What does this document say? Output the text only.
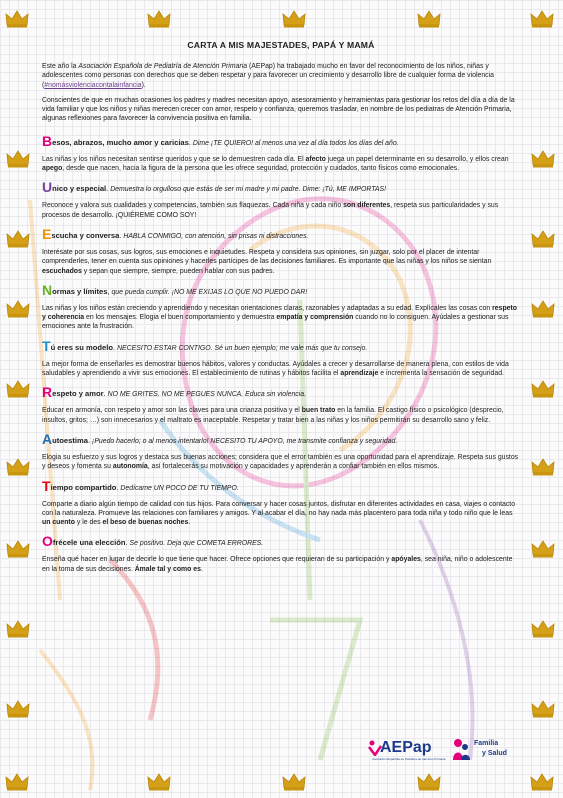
CARTA A MIS MAJESTADES, PAPÁ Y MAMÁ

Este año la Asociación Española de Pediatría de Atención Primaria (AEPap) ha trabajado mucho en favor del reconocimiento de los niños, niñas y adolescentes como personas con derechos que se deben respetar y para favorecer un crecimiento y desarrollo libre de cualquier forma de violencia (#nomásviolenciacontalainfancia).

Conscientes de que en muchas ocasiones los padres y madres necesitan apoyo, asesoramiento y herramientas para gestionar los retos del día a día de la vida familiar y que los niños y niñas merecen crecer con amor, respeto y confianza, queremos trasladar, en nombre de los pediatras de Atención Primaria, algunas reflexiones para favorecer la convivencia positiva en familia.

Besos, abrazos, mucho amor y caricias. Dime ¡TE QUIERO! al menos una vez al día todos los días del año.

Las niñas y los niños necesitan sentirse queridos y que se lo demuestren cada día. El afecto juega un papel determinante en su desarrollo, y ellos crean apego, desde que nacen, hacia la figura de la persona que les ofrece seguridad, protección y cuidados, tanto físicos como emocionales.

Unico y especial. Demuestra lo orgulloso que estás de ser mi madre y mi padre. Dime: ¡Tú, ME IMPORTAS!

Reconoce y valora sus cualidades y competencias, también sus flaquezas. Cada niña y cada niño son diferentes, respeta sus particularidades y sus procesos de desarrollo. ¡QUIÉREME COMO SOY!

Escucha y conversa. HABLA CONMIGO, con atención, sin prisas ni distracciones.

Interésate por sus cosas, sus logros, sus emociones e inquietudes. Respeta y considera sus opiniones, sin juzgar, solo por el placer de intentar comprenderles, tener en cuenta sus opiniones y hacerles partícipes de las decisiones familiares. Es importante que las niñas y los niños se sientan escuchados y sepan que siempre, siempre, pueden hablar con sus padres.

Normas y límites, que pueda cumplir. ¡NO ME EXIJAS LO QUE NO PUEDO DAR!

Las niñas y los niños están creciendo y aprendiendo y necesitan orientaciones claras, razonables y adaptadas a su edad. Explícales las cosas con respeto y coherencia en los mensajes. Elogia el buen comportamiento y demuestra empatía y comprensión cuando no lo consiguen. Ayúdales a gestionar sus emociones ante la frustración.

Tú eres su modelo. NECESITO ESTAR CONTIGO. Sé un buen ejemplo; me vale más que tu consejo.

La mejor forma de enseñarles es demostrar buenos hábitos, valores y conductas. Ayúdales a crecer y desarrollarse de manera plena, con estilos de vida saludables y aprendiendo a vivir sus emociones. El establecimiento de rutinas y hábitos facilita el aprendizaje e incrementa la sensación de seguridad.

Respeto y amor. NO ME GRITES. NO ME PEGUES NUNCA. Educa sin violencia.

Educar en armonía, con respeto y amor son las claves para una crianza positiva y el buen trato en la familia. El castigo físico o psicológico (desprecio, insultos, gritos; …) son innecesarios y el maltrato es inaceptable. Respetar y tratar bien a las niñas y los niños permitirán su desarrollo sano y feliz.

Autoestima. ¡Puedo hacerlo; o al menos intentarlo! NECESITO TU APOYO, me transmite confianza y seguridad.

Elogia su esfuerzo y sus logros y destaca sus buenas acciones; considera que el error también es una oportunidad para el aprendizaje. Respeta sus gustos y deseos y fomenta su autonomía, así fortalecerás su motivación y capacidades y aprenderán a confiar también en ellos mismos.

Tiempo compartido. Dedícame UN POCO DE TU TIEMPO.

Comparte a diario algún tiempo de calidad con tus hijos. Para conversar y hacer cosas juntos, disfrutar en diferentes actividades en casa, viajes o contacto con la naturaleza. Promueve las relaciones con familiares y amigos. Y al acabar el día, no hay nada más placentero para toda niña y todo niño que le leas un cuento y le des el beso de buenas noches.

Ofrécele una elección. Se positivo. Deja que COMETA ERRORES.

Enseña qué hacer en lugar de decirle lo que tiene que hacer. Ofrece opciones que requieran de su participación y apóyales, sea niña, niño o adolescente en la toma de sus decisiones. Ámale tal y como es.

AEPap
Asociación Española de Pediatría de Atención Primaria
Familia
y Salud
